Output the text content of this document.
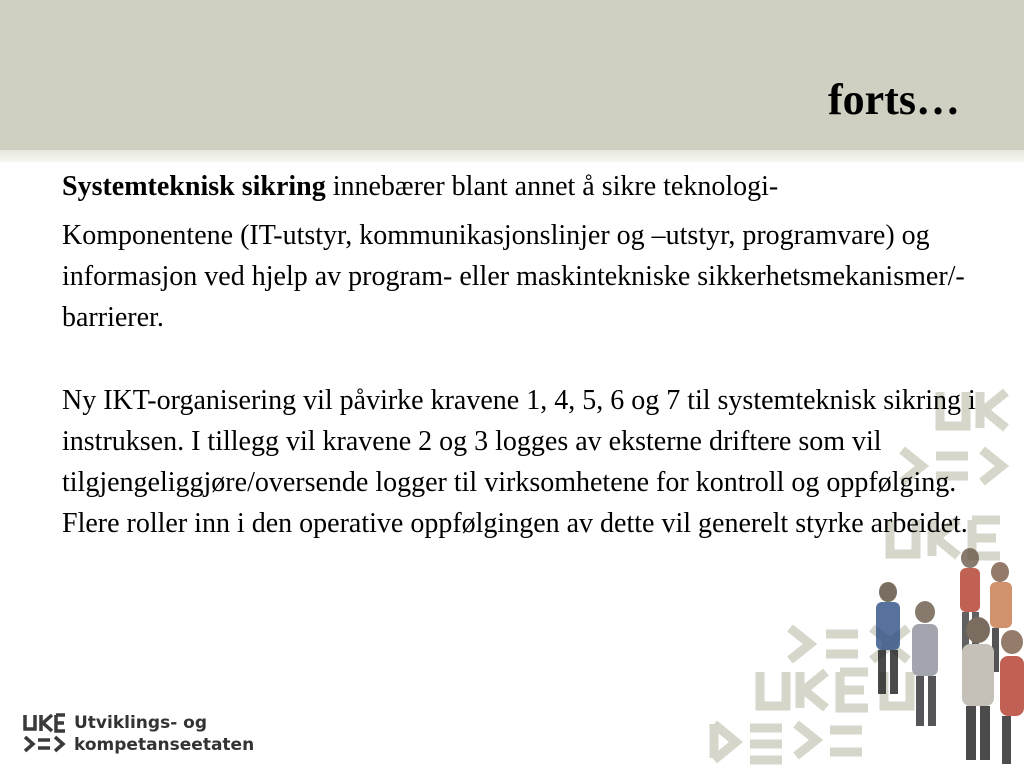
forts…

Systemteknisk sikring innebærer blant annet å sikre teknologi-

Komponentene (IT-utstyr, kommunikasjonslinjer og –utstyr, programvare) og informasjon ved hjelp av program- eller maskintekniske sikkerhetsmekanismer/-barrierer.

Ny IKT-organisering vil påvirke kravene 1, 4, 5, 6 og 7 til systemteknisk sikring i instruksen. I tillegg vil kravene 2 og 3 logges av eksterne driftere som vil tilgjengeliggjøre/oversende logger til virksomhetene for kontroll og oppfølging. Flere roller inn i den operative oppfølgingen av dette vil generelt styrke arbeidet.

Utviklings- og
kompetanseetaten
